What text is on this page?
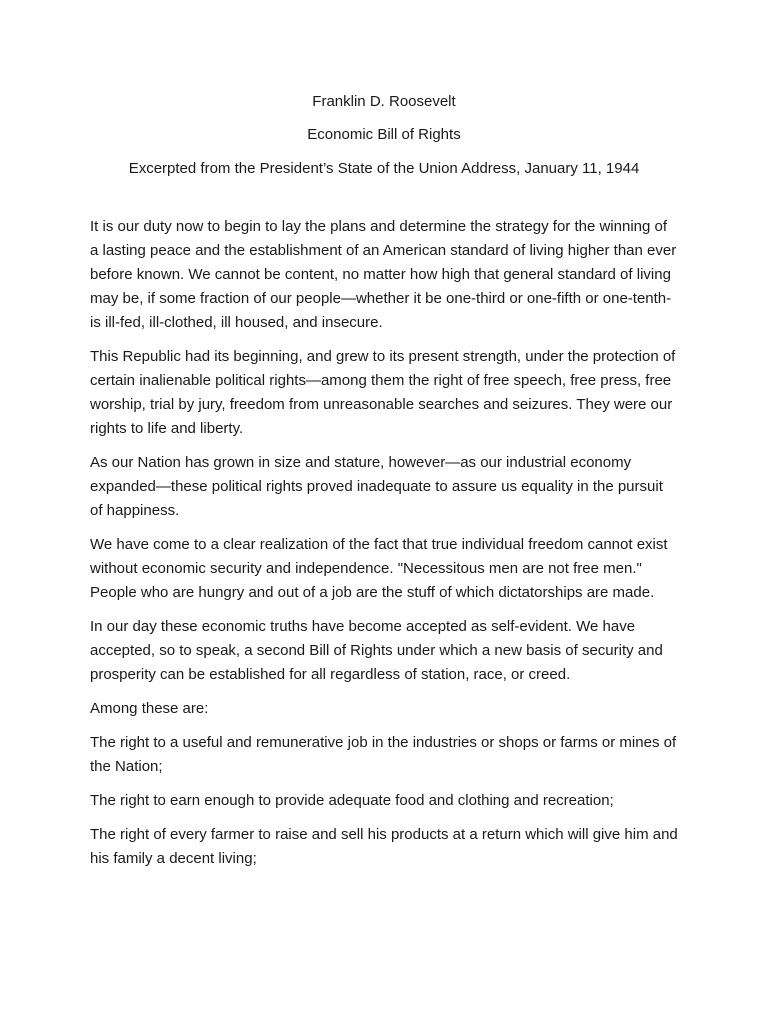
Franklin D. Roosevelt
Economic Bill of Rights
Excerpted from the President’s State of the Union Address, January 11, 1944

It is our duty now to begin to lay the plans and determine the strategy for the winning of a lasting peace and the establishment of an American standard of living higher than ever before known. We cannot be content, no matter how high that general standard of living may be, if some fraction of our people—whether it be one-third or one-fifth or one-tenth- is ill-fed, ill-clothed, ill housed, and insecure.

This Republic had its beginning, and grew to its present strength, under the protection of certain inalienable political rights—among them the right of free speech, free press, free worship, trial by jury, freedom from unreasonable searches and seizures. They were our rights to life and liberty.

As our Nation has grown in size and stature, however—as our industrial economy expanded—these political rights proved inadequate to assure us equality in the pursuit of happiness.

We have come to a clear realization of the fact that true individual freedom cannot exist without economic security and independence. "Necessitous men are not free men." People who are hungry and out of a job are the stuff of which dictatorships are made.

In our day these economic truths have become accepted as self-evident. We have accepted, so to speak, a second Bill of Rights under which a new basis of security and prosperity can be established for all regardless of station, race, or creed.

Among these are:

The right to a useful and remunerative job in the industries or shops or farms or mines of the Nation;

The right to earn enough to provide adequate food and clothing and recreation;

The right of every farmer to raise and sell his products at a return which will give him and his family a decent living;
